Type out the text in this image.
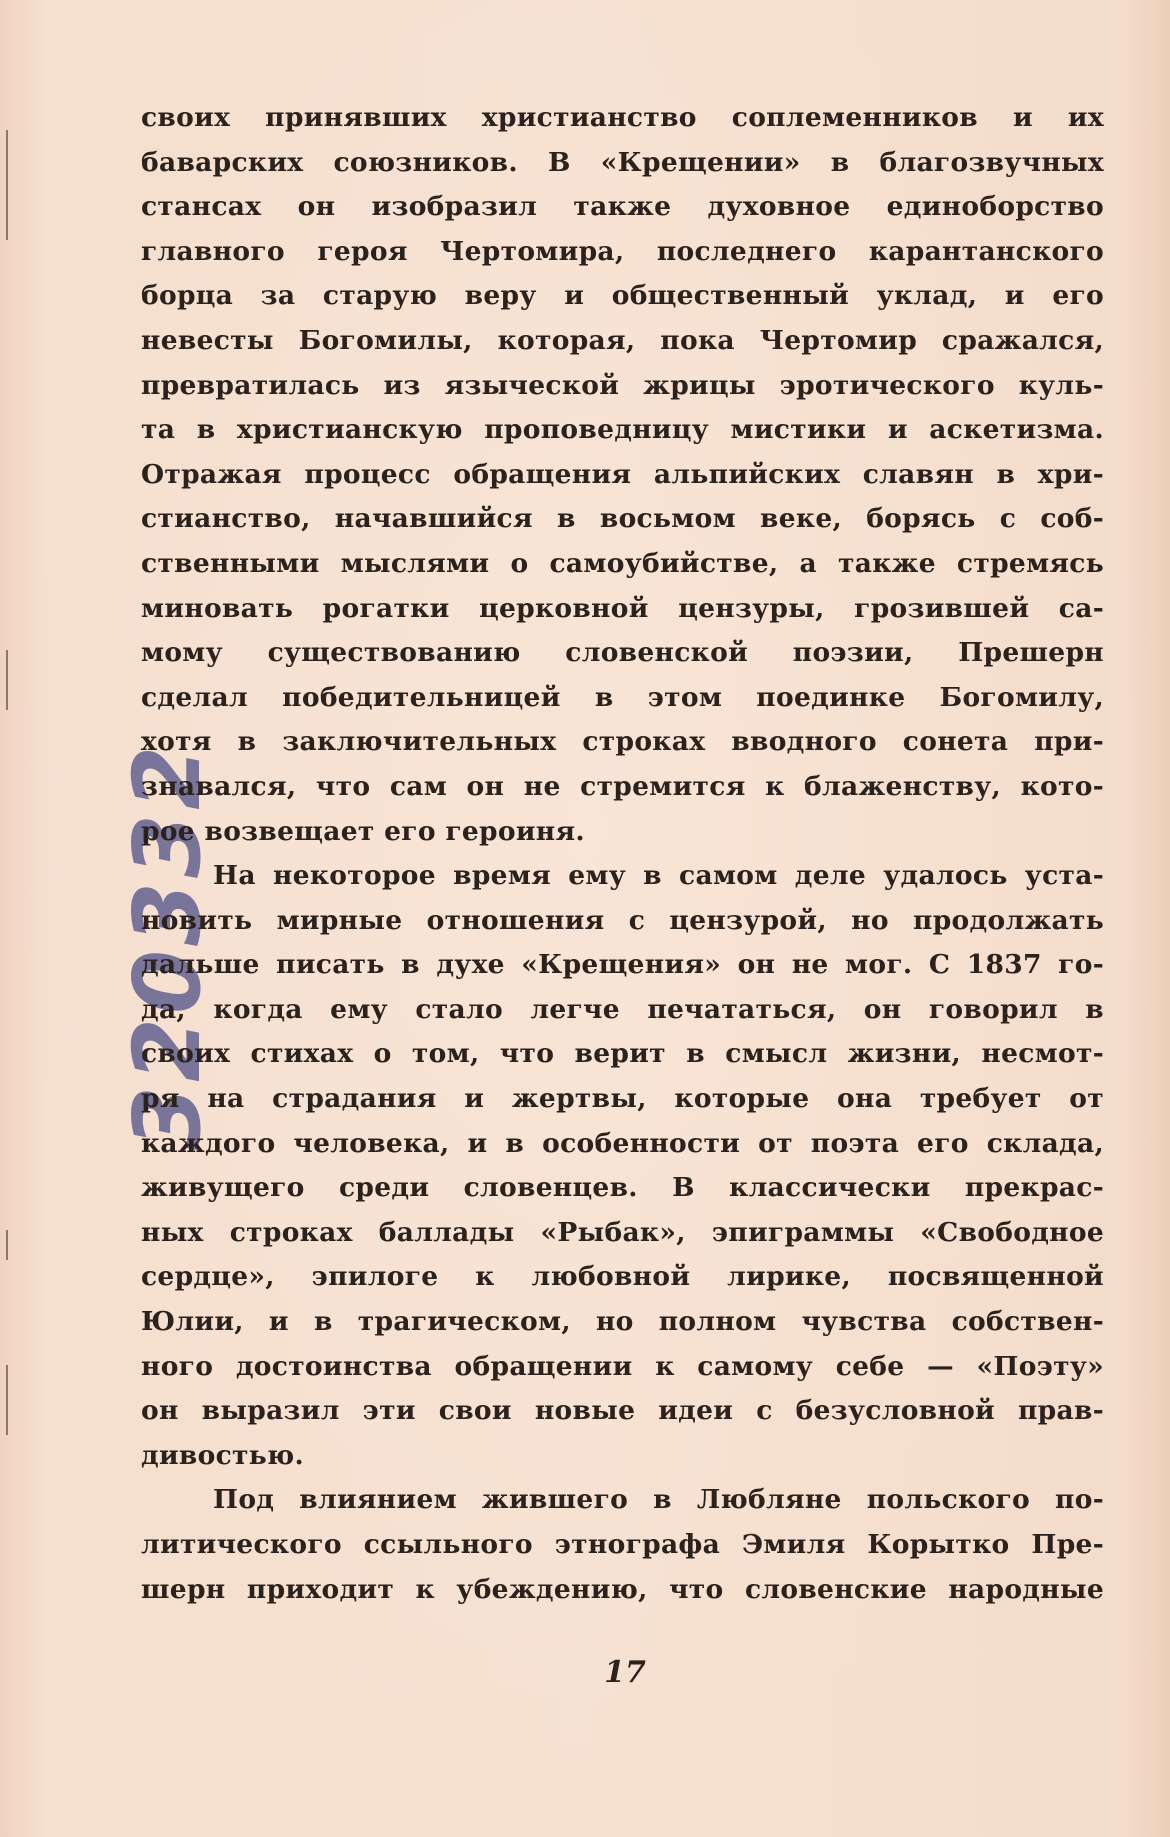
320332
своих принявших христианство соплеменников и их
баварских союзников. В «Крещении» в благозвучных
стансах он изобразил также духовное единоборство
главного героя Чертомира, последнего карантанского
борца за старую веру и общественный уклад, и его
невесты Богомилы, которая, пока Чертомир сражался,
превратилась из языческой жрицы эротического куль-
та в христианскую проповедницу мистики и аскетизма.
Отражая процесс обращения альпийских славян в хри-
стианство, начавшийся в восьмом веке, борясь с соб-
ственными мыслями о самоубийстве, а также стремясь
миновать рогатки церковной цензуры, грозившей са-
мому существованию словенской поэзии, Прешерн
сделал победительницей в этом поединке Богомилу,
хотя в заключительных строках вводного сонета при-
знавался, что сам он не стремится к блаженству, кото-
рое возвещает его героиня.
На некоторое время ему в самом деле удалось уста-
новить мирные отношения с цензурой, но продолжать
дальше писать в духе «Крещения» он не мог. С 1837 го-
да, когда ему стало легче печататься, он говорил в
своих стихах о том, что верит в смысл жизни, несмот-
ря на страдания и жертвы, которые она требует от
каждого человека, и в особенности от поэта его склада,
живущего среди словенцев. В классически прекрас-
ных строках баллады «Рыбак», эпиграммы «Свободное
сердце», эпилоге к любовной лирике, посвященной
Юлии, и в трагическом, но полном чувства собствен-
ного достоинства обращении к самому себе — «Поэту»
он выразил эти свои новые идеи с безусловной прав-
дивостью.
Под влиянием жившего в Любляне польского по-
литического ссыльного этнографа Эмиля Корытко Пре-
шерн приходит к убеждению, что словенские народные
17
